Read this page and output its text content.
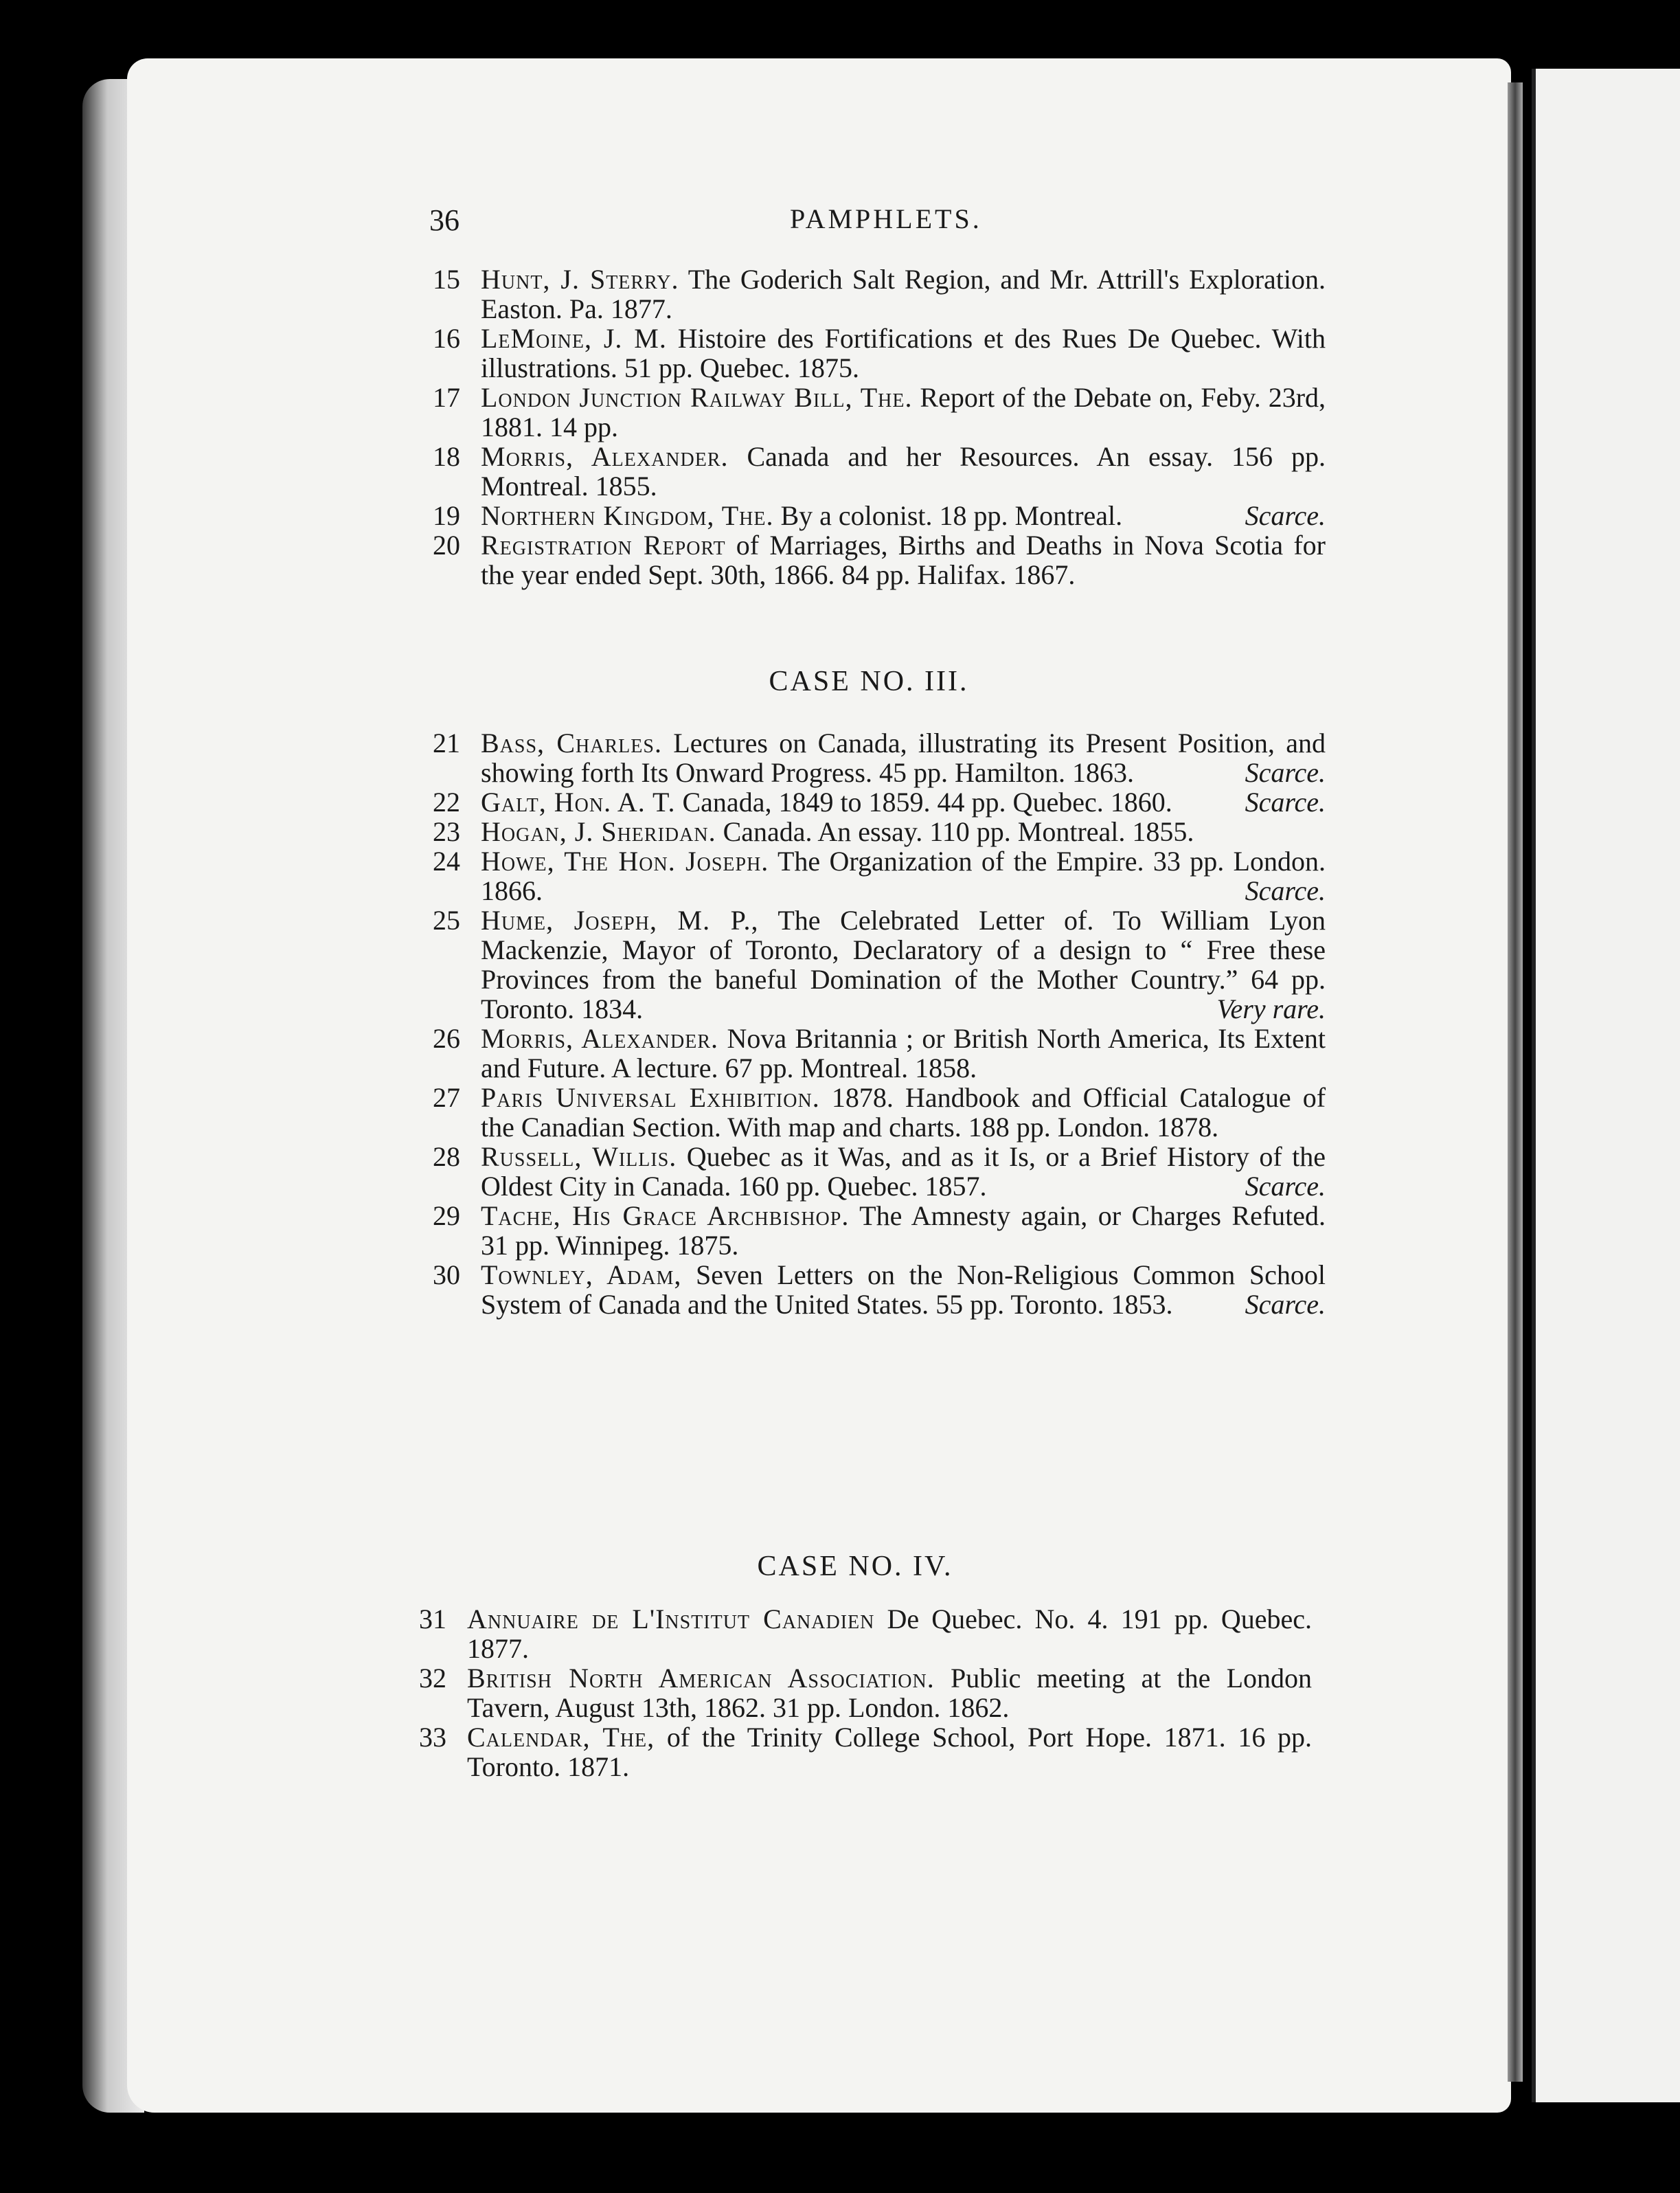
36	PAMPHLETS.

15 Hunt, J. Sterry. The Goderich Salt Region, and Mr. Attrill's Exploration. Easton. Pa. 1877.

16 LeMoine, J. M. Histoire des Fortifications et des Rues De Quebec. With illustrations. 51 pp. Quebec. 1875.

17 London Junction Railway Bill, The. Report of the Debate on, Feby. 23rd, 1881. 14 pp.

18 Morris, Alexander. Canada and her Resources. An essay. 156 pp. Montreal. 1855.

19 Northern Kingdom, The. By a colonist. 18 pp. Montreal.	Scarce.

20 Registration Report of Marriages, Births and Deaths in Nova Scotia for the year ended Sept. 30th, 1866. 84 pp. Halifax. 1867.

CASE NO. III.

21 Bass, Charles. Lectures on Canada, illustrating its Present Position, and showing forth Its Onward Progress. 45 pp. Hamilton. 1863.	Scarce.

22 Galt, Hon. A. T. Canada, 1849 to 1859. 44 pp. Quebec. 1860.	Scarce.

23 Hogan, J. Sheridan. Canada. An essay. 110 pp. Montreal. 1855.

24 Howe, The Hon. Joseph. The Organization of the Empire. 33 pp. London. 1866.	Scarce.

25 Hume, Joseph, M. P., The Celebrated Letter of. To William Lyon Mackenzie, Mayor of Toronto, Declaratory of a design to “ Free these Provinces from the baneful Domination of the Mother Country.” 64 pp. Toronto. 1834.	Very rare.

26 Morris, Alexander. Nova Britannia ; or British North America, Its Extent and Future. A lecture. 67 pp. Montreal. 1858.

27 Paris Universal Exhibition. 1878. Handbook and Official Catalogue of the Canadian Section. With map and charts. 188 pp. London. 1878.

28 Russell, Willis. Quebec as it Was, and as it Is, or a Brief History of the Oldest City in Canada. 160 pp. Quebec. 1857.	Scarce.

29 Tache, His Grace Archbishop. The Amnesty again, or Charges Refuted. 31 pp. Winnipeg. 1875.

30 Townley, Adam, Seven Letters on the Non-Religious Common School System of Canada and the United States. 55 pp. Toronto. 1853.	Scarce.

CASE NO. IV.

31 Annuaire de L'Institut Canadien De Quebec. No. 4. 191 pp. Quebec. 1877.

32 British North American Association. Public meeting at the London Tavern, August 13th, 1862. 31 pp. London. 1862.

33 Calendar, The, of the Trinity College School, Port Hope. 1871. 16 pp. Toronto. 1871.
